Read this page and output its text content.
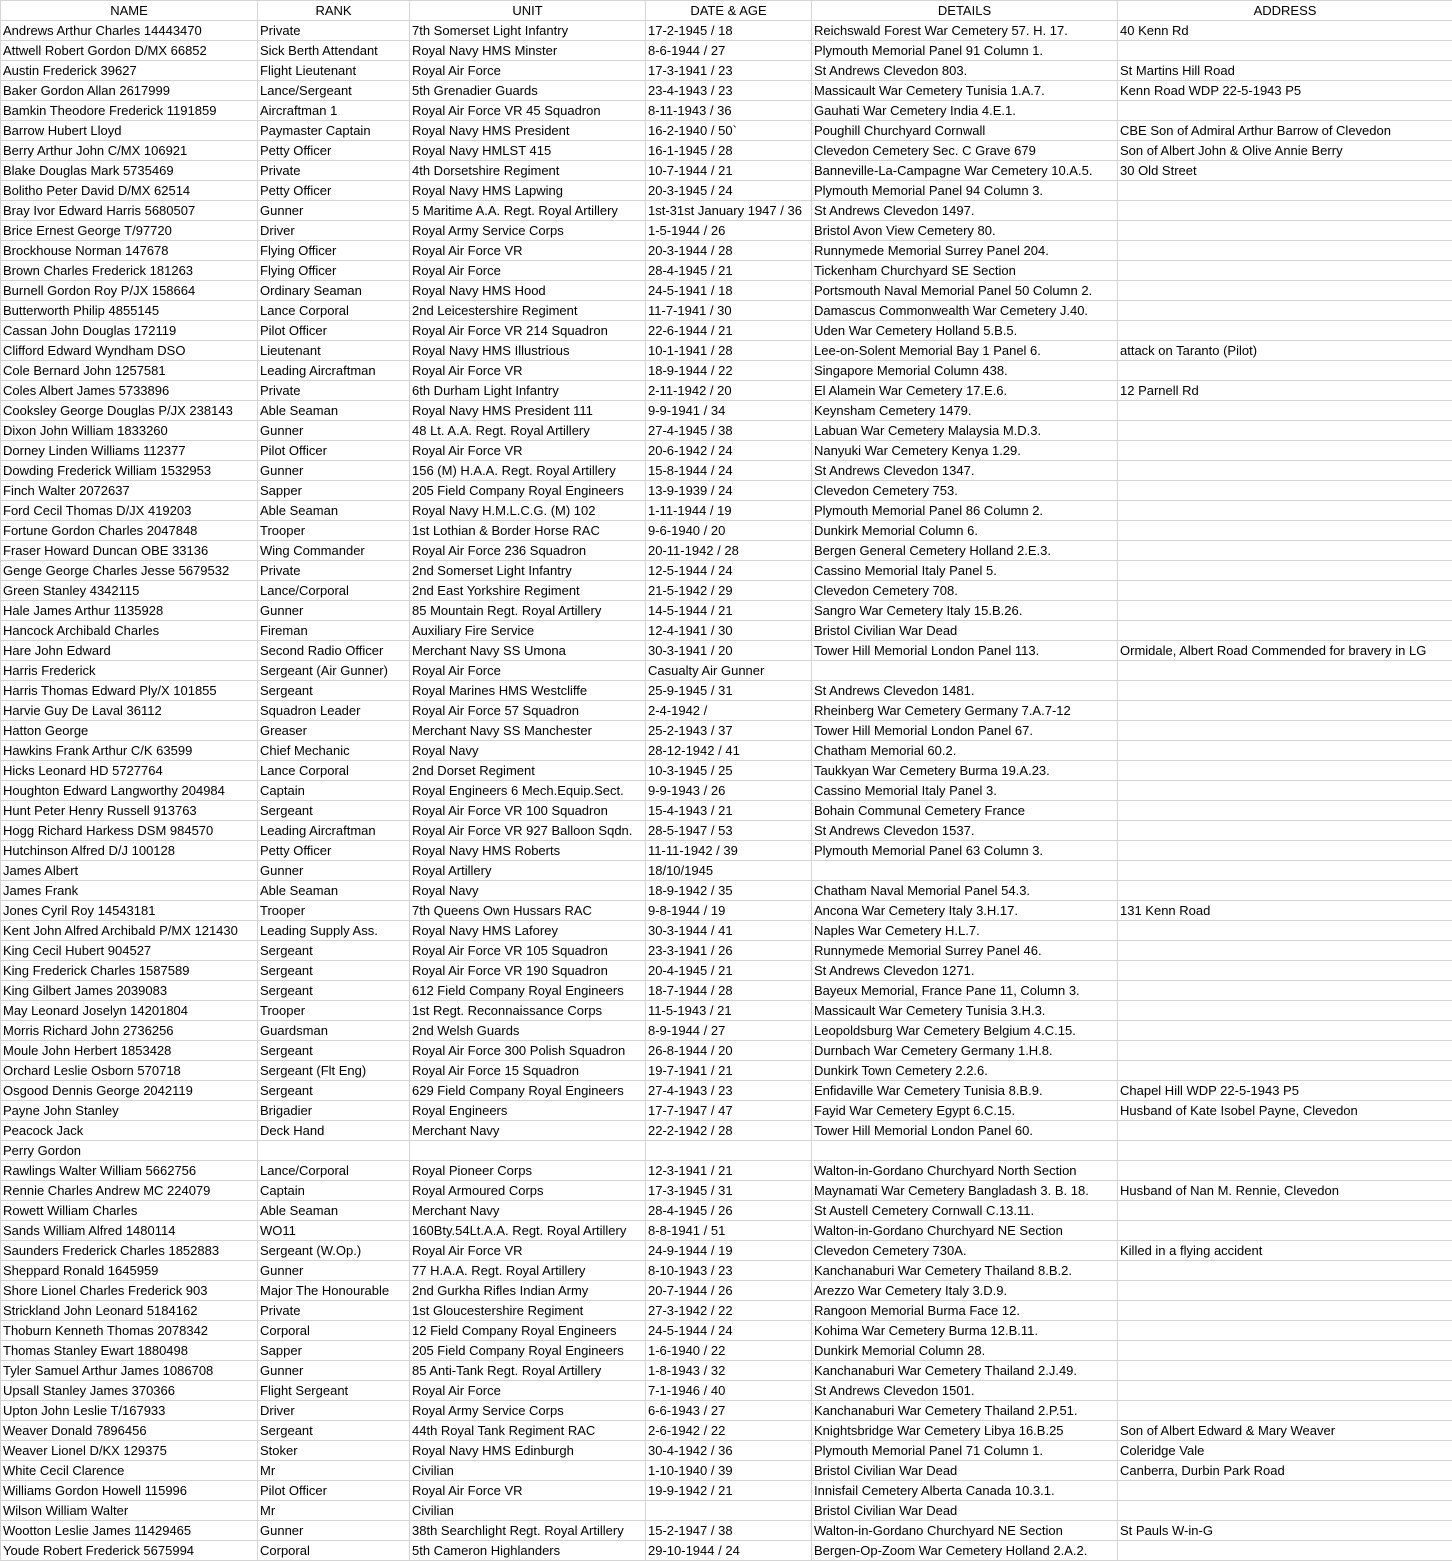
NAME	RANK	UNIT	DATE & AGE	DETAILS	ADDRESS
Andrews Arthur Charles 14443470	Private	7th Somerset Light Infantry	17-2-1945 / 18	Reichswald Forest War Cemetery 57. H. 17.	40 Kenn Rd
Attwell Robert Gordon D/MX 66852	Sick Berth Attendant	Royal Navy HMS Minster	8-6-1944 / 27	Plymouth Memorial Panel 91 Column 1.	
Austin Frederick 39627	Flight Lieutenant	Royal Air Force	17-3-1941 / 23	St Andrews Clevedon 803.	St Martins Hill Road
Baker Gordon Allan 2617999	Lance/Sergeant	5th Grenadier Guards	23-4-1943 / 23	Massicault War Cemetery Tunisia 1.A.7.	Kenn Road WDP 22-5-1943 P5
Bamkin Theodore Frederick 1191859	Aircraftman 1	Royal Air Force VR 45 Squadron	8-11-1943 / 36	Gauhati War Cemetery India 4.E.1.	
Barrow Hubert Lloyd	Paymaster Captain	Royal Navy HMS President	16-2-1940 / 50`	Poughill Churchyard Cornwall	CBE Son of Admiral Arthur Barrow of Clevedon
Berry Arthur John C/MX 106921	Petty Officer	Royal Navy HMLST 415	16-1-1945 / 28	Clevedon Cemetery Sec. C Grave 679	Son of Albert John & Olive Annie Berry
Blake Douglas Mark 5735469	Private	4th Dorsetshire Regiment	10-7-1944 / 21	Banneville-La-Campagne War Cemetery 10.A.5.	30 Old Street
Bolitho Peter David D/MX 62514	Petty Officer	Royal Navy HMS Lapwing	20-3-1945 / 24	Plymouth Memorial Panel 94 Column 3.	
Bray Ivor Edward Harris 5680507	Gunner	5 Maritime A.A. Regt. Royal Artillery	1st-31st January 1947 / 36	St Andrews Clevedon 1497.	
Brice Ernest George T/97720	Driver	Royal Army Service Corps	1-5-1944 / 26	Bristol Avon View Cemetery 80.	
Brockhouse Norman 147678	Flying Officer	Royal Air Force VR	20-3-1944 / 28	Runnymede Memorial Surrey Panel 204.	
Brown Charles Frederick 181263	Flying Officer	Royal Air Force	28-4-1945 / 21	Tickenham Churchyard SE Section	
Burnell Gordon Roy P/JX 158664	Ordinary Seaman	Royal Navy HMS Hood	24-5-1941 / 18	Portsmouth Naval Memorial Panel 50 Column 2.	
Butterworth Philip 4855145	Lance Corporal	2nd Leicestershire Regiment	11-7-1941 / 30	Damascus Commonwealth War Cemetery J.40.	
Cassan John Douglas 172119	Pilot Officer	Royal Air Force VR 214 Squadron	22-6-1944 / 21	Uden War Cemetery Holland 5.B.5.	
Clifford Edward Wyndham DSO	Lieutenant	Royal Navy HMS Illustrious	10-1-1941 / 28	Lee-on-Solent Memorial Bay 1 Panel 6.	attack on Taranto (Pilot)
Cole Bernard John 1257581	Leading Aircraftman	Royal Air Force VR	18-9-1944 / 22	Singapore Memorial Column 438.	
Coles Albert James 5733896	Private	6th Durham Light Infantry	2-11-1942 / 20	El Alamein War Cemetery 17.E.6.	12 Parnell Rd
Cooksley George Douglas P/JX 238143	Able Seaman	Royal Navy HMS President 111	9-9-1941 / 34	Keynsham Cemetery 1479.	
Dixon John William 1833260	Gunner	48 Lt. A.A. Regt. Royal Artillery	27-4-1945 / 38	Labuan War Cemetery Malaysia M.D.3.	
Dorney Linden Williams 112377	Pilot Officer	Royal Air Force VR	20-6-1942 / 24	Nanyuki War Cemetery Kenya 1.29.	
Dowding Frederick William 1532953	Gunner	156 (M) H.A.A. Regt. Royal Artillery	15-8-1944 / 24	St Andrews Clevedon 1347.	
Finch Walter 2072637	Sapper	205 Field Company Royal Engineers	13-9-1939 / 24	Clevedon Cemetery 753.	
Ford Cecil Thomas D/JX 419203	Able Seaman	Royal Navy H.M.L.C.G. (M) 102	1-11-1944 / 19	Plymouth Memorial Panel 86 Column 2.	
Fortune Gordon Charles 2047848	Trooper	1st Lothian & Border Horse RAC	9-6-1940 / 20	Dunkirk Memorial Column 6.	
Fraser Howard Duncan OBE 33136	Wing Commander	Royal Air Force 236 Squadron	20-11-1942 / 28	Bergen General Cemetery Holland 2.E.3.	
Genge George Charles Jesse 5679532	Private	2nd Somerset Light Infantry	12-5-1944 / 24	Cassino Memorial Italy Panel 5.	
Green Stanley 4342115	Lance/Corporal	2nd East Yorkshire Regiment	21-5-1942 / 29	Clevedon Cemetery 708.	
Hale James Arthur 1135928	Gunner	85 Mountain Regt. Royal Artillery	14-5-1944 / 21	Sangro War Cemetery Italy 15.B.26.	
Hancock Archibald Charles	Fireman	Auxiliary Fire Service	12-4-1941 / 30	Bristol Civilian War Dead	
Hare John Edward	Second Radio Officer	Merchant Navy SS Umona	30-3-1941 / 20	Tower Hill Memorial London Panel 113.	Ormidale, Albert Road Commended for bravery in LG
Harris Frederick	Sergeant (Air Gunner)	Royal Air Force	Casualty Air Gunner		
Harris Thomas Edward Ply/X 101855	Sergeant	Royal Marines HMS Westcliffe	25-9-1945 / 31	St Andrews Clevedon 1481.	
Harvie Guy De Laval 36112	Squadron Leader	Royal Air Force 57 Squadron	2-4-1942 /	Rheinberg War Cemetery Germany 7.A.7-12	
Hatton George	Greaser	Merchant Navy SS Manchester	25-2-1943 / 37	Tower Hill Memorial London Panel 67.	
Hawkins Frank Arthur C/K 63599	Chief Mechanic	Royal Navy	28-12-1942 / 41	Chatham Memorial 60.2.	
Hicks Leonard HD 5727764	Lance Corporal	2nd Dorset Regiment	10-3-1945 / 25	Taukkyan War Cemetery Burma 19.A.23.	
Houghton Edward Langworthy 204984	Captain	Royal Engineers 6 Mech.Equip.Sect.	9-9-1943 / 26	Cassino Memorial Italy Panel 3.	
Hunt Peter Henry Russell 913763	Sergeant	Royal Air Force VR 100 Squadron	15-4-1943 / 21	Bohain Communal Cemetery France	
Hogg Richard Harkess DSM 984570	Leading Aircraftman	Royal Air Force VR 927 Balloon Sqdn.	28-5-1947 / 53	St Andrews Clevedon 1537.	
Hutchinson Alfred D/J 100128	Petty Officer	Royal Navy HMS Roberts	11-11-1942 / 39	Plymouth Memorial Panel 63 Column 3.	
James Albert	Gunner	Royal Artillery	18/10/1945		
James Frank	Able Seaman	Royal Navy	18-9-1942 / 35	Chatham Naval Memorial Panel 54.3.	
Jones Cyril Roy 14543181	Trooper	7th Queens Own Hussars RAC	9-8-1944 / 19	Ancona War Cemetery Italy 3.H.17.	131 Kenn Road
Kent John Alfred Archibald P/MX 121430	Leading Supply Ass.	Royal Navy HMS Laforey	30-3-1944 / 41	Naples War Cemetery H.L.7.	
King Cecil Hubert 904527	Sergeant	Royal Air Force VR 105 Squadron	23-3-1941 / 26	Runnymede Memorial Surrey Panel 46.	
King Frederick Charles 1587589	Sergeant	Royal Air Force VR 190 Squadron	20-4-1945 / 21	St Andrews Clevedon 1271.	
King Gilbert James 2039083	Sergeant	612 Field Company Royal Engineers	18-7-1944 / 28	Bayeux Memorial, France Pane 11, Column 3.	
May Leonard Joselyn 14201804	Trooper	1st Regt. Reconnaissance Corps	11-5-1943 / 21	Massicault War Cemetery Tunisia 3.H.3.	
Morris Richard John 2736256	Guardsman	2nd Welsh Guards	8-9-1944 / 27	Leopoldsburg War Cemetery Belgium 4.C.15.	
Moule John Herbert 1853428	Sergeant	Royal Air Force 300 Polish Squadron	26-8-1944 / 20	Durnbach War Cemetery Germany 1.H.8.	
Orchard Leslie Osborn 570718	Sergeant (Flt Eng)	Royal Air Force 15 Squadron	19-7-1941 / 21	Dunkirk Town Cemetery 2.2.6.	
Osgood Dennis George 2042119	Sergeant	629 Field Company Royal Engineers	27-4-1943 / 23	Enfidaville War Cemetery Tunisia 8.B.9.	Chapel Hill WDP 22-5-1943 P5
Payne John Stanley	Brigadier	Royal Engineers	17-7-1947 / 47	Fayid War Cemetery Egypt 6.C.15.	Husband of Kate Isobel Payne, Clevedon
Peacock Jack	Deck Hand	Merchant Navy	22-2-1942 / 28	Tower Hill Memorial London Panel 60.	
Perry Gordon					
Rawlings Walter William 5662756	Lance/Corporal	Royal Pioneer Corps	12-3-1941 / 21	Walton-in-Gordano Churchyard North Section	
Rennie Charles Andrew MC 224079	Captain	Royal Armoured Corps	17-3-1945 / 31	Maynamati War Cemetery Bangladash 3. B. 18.	Husband of Nan M. Rennie, Clevedon
Rowett William Charles	Able Seaman	Merchant Navy	28-4-1945 / 26	St Austell Cemetery Cornwall C.13.11.	
Sands William Alfred 1480114	WO11	160Bty.54Lt.A.A. Regt. Royal Artillery	8-8-1941 / 51	Walton-in-Gordano Churchyard NE Section	
Saunders Frederick Charles 1852883	Sergeant (W.Op.)	Royal Air Force VR	24-9-1944 / 19	Clevedon Cemetery 730A.	Killed in a flying accident
Sheppard Ronald 1645959	Gunner	77 H.A.A. Regt. Royal Artillery	8-10-1943 / 23	Kanchanaburi War Cemetery Thailand 8.B.2.	
Shore Lionel Charles Frederick 903	Major The Honourable	2nd Gurkha Rifles Indian Army	20-7-1944 / 26	Arezzo War Cemetery Italy 3.D.9.	
Strickland John Leonard 5184162	Private	1st Gloucestershire Regiment	27-3-1942 / 22	Rangoon Memorial Burma Face 12.	
Thoburn Kenneth Thomas 2078342	Corporal	12 Field Company Royal Engineers	24-5-1944 / 24	Kohima War Cemetery Burma 12.B.11.	
Thomas Stanley Ewart 1880498	Sapper	205 Field Company Royal Engineers	1-6-1940 / 22	Dunkirk Memorial Column 28.	
Tyler Samuel Arthur James 1086708	Gunner	85 Anti-Tank Regt. Royal Artillery	1-8-1943 / 32	Kanchanaburi War Cemetery Thailand 2.J.49.	
Upsall Stanley James 370366	Flight Sergeant	Royal Air Force	7-1-1946 / 40	St Andrews Clevedon 1501.	
Upton John Leslie T/167933	Driver	Royal Army Service Corps	6-6-1943 / 27	Kanchanaburi War Cemetery Thailand 2.P.51.	
Weaver Donald 7896456	Sergeant	44th Royal Tank Regiment RAC	2-6-1942 / 22	Knightsbridge War Cemetery Libya 16.B.25	Son of Albert Edward & Mary Weaver
Weaver Lionel D/KX 129375	Stoker	Royal Navy HMS Edinburgh	30-4-1942 / 36	Plymouth Memorial Panel 71 Column 1.	Coleridge Vale
White Cecil Clarence	Mr	Civilian	1-10-1940 / 39	Bristol Civilian War Dead	Canberra, Durbin Park Road
Williams Gordon Howell 115996	Pilot Officer	Royal Air Force VR	19-9-1942 / 21	Innisfail Cemetery Alberta Canada 10.3.1.	
Wilson William Walter	Mr	Civilian		Bristol Civilian War Dead	
Wootton Leslie James 11429465	Gunner	38th Searchlight Regt. Royal Artillery	15-2-1947 / 38	Walton-in-Gordano Churchyard NE Section	St Pauls W-in-G
Youde Robert Frederick 5675994	Corporal	5th Cameron Highlanders	29-10-1944 / 24	Bergen-Op-Zoom War Cemetery Holland 2.A.2.	
